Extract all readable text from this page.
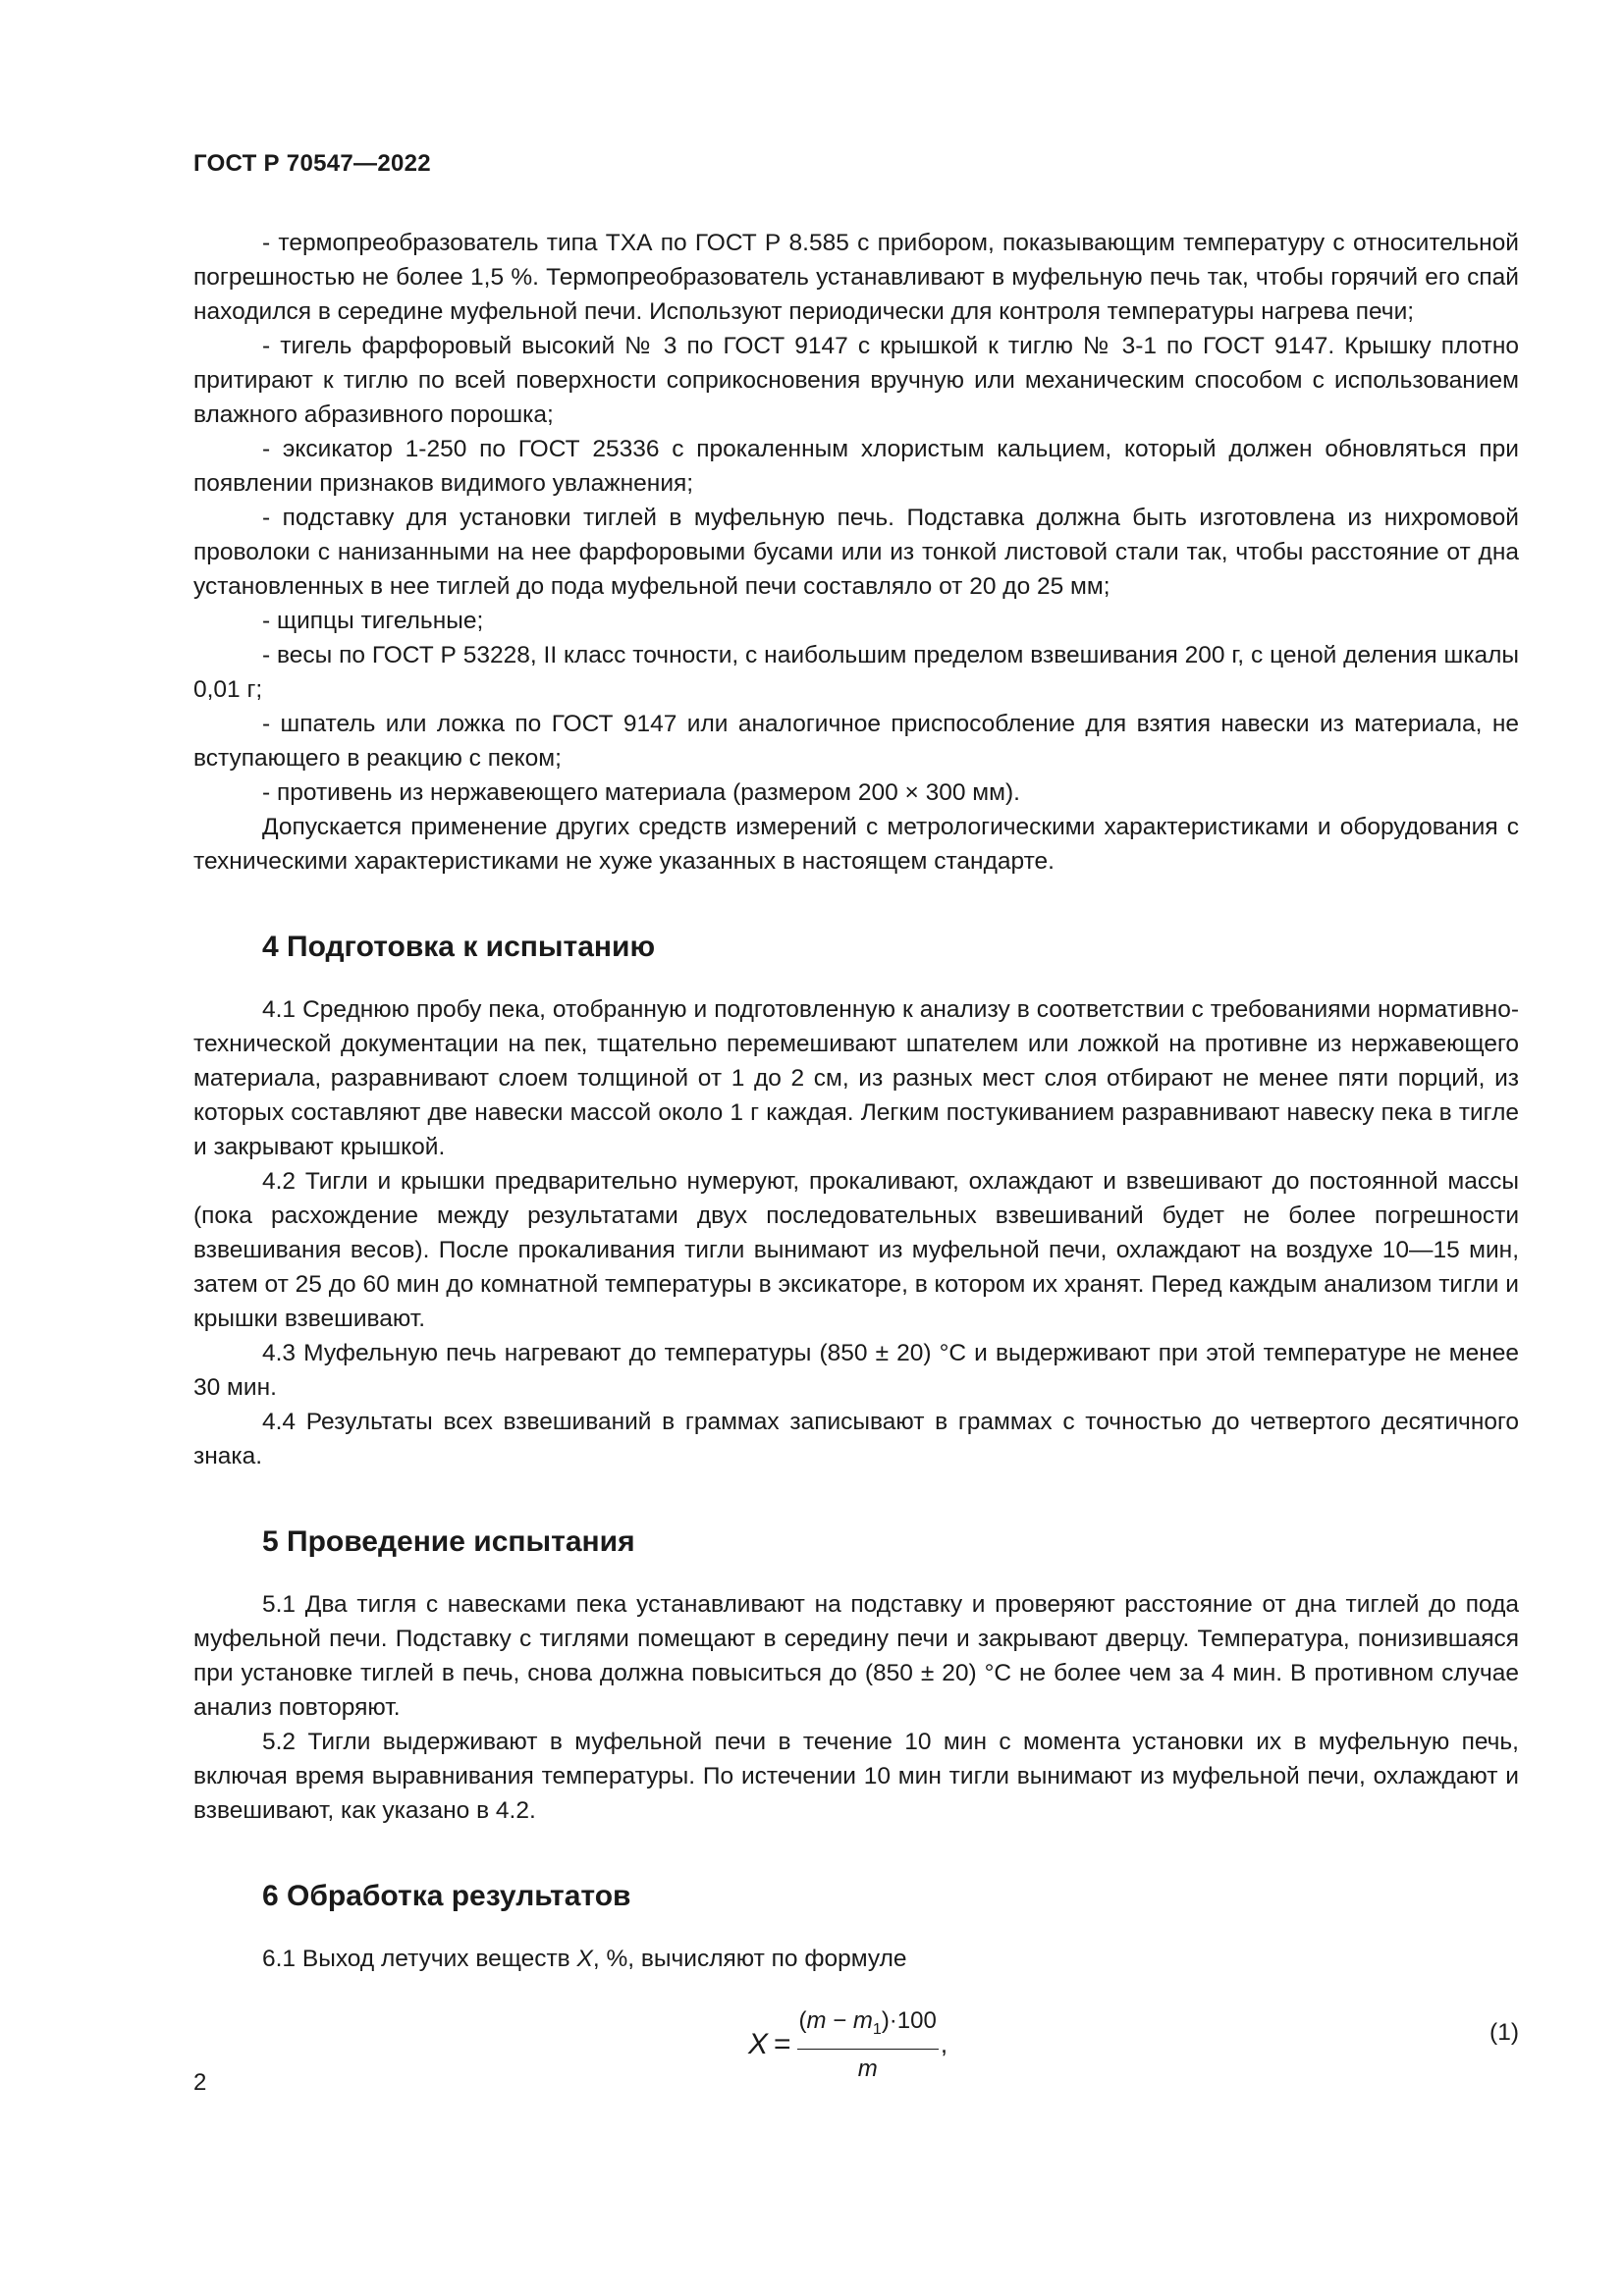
ГОСТ Р 70547—2022

- термопреобразователь типа ТХА по ГОСТ Р 8.585 с прибором, показывающим температуру с относительной погрешностью не более 1,5 %. Термопреобразователь устанавливают в муфельную печь так, чтобы горячий его спай находился в середине муфельной печи. Используют периодически для контроля температуры нагрева печи;

- тигель фарфоровый высокий № 3 по ГОСТ 9147 с крышкой к тиглю № 3-1 по ГОСТ 9147. Крышку плотно притирают к тиглю по всей поверхности соприкосновения вручную или механическим способом с использованием влажного абразивного порошка;

- эксикатор 1-250 по ГОСТ 25336 с прокаленным хлористым кальцием, который должен обновляться при появлении признаков видимого увлажнения;

- подставку для установки тиглей в муфельную печь. Подставка должна быть изготовлена из нихромовой проволоки с нанизанными на нее фарфоровыми бусами или из тонкой листовой стали так, чтобы расстояние от дна установленных в нее тиглей до пода муфельной печи составляло от 20 до 25 мм;

- щипцы тигельные;

- весы по ГОСТ Р 53228, II класс точности, с наибольшим пределом взвешивания 200 г, с ценой деления шкалы 0,01 г;

- шпатель или ложка по ГОСТ 9147 или аналогичное приспособление для взятия навески из материала, не вступающего в реакцию с пеком;

- противень из нержавеющего материала (размером 200 × 300 мм).

Допускается применение других средств измерений с метрологическими характеристиками и оборудования с техническими характеристиками не хуже указанных в настоящем стандарте.

4 Подготовка к испытанию

4.1 Среднюю пробу пека, отобранную и подготовленную к анализу в соответствии с требованиями нормативно-технической документации на пек, тщательно перемешивают шпателем или ложкой на противне из нержавеющего материала, разравнивают слоем толщиной от 1 до 2 см, из разных мест слоя отбирают не менее пяти порций, из которых составляют две навески массой около 1 г каждая. Легким постукиванием разравнивают навеску пека в тигле и закрывают крышкой.

4.2 Тигли и крышки предварительно нумеруют, прокаливают, охлаждают и взвешивают до постоянной массы (пока расхождение между результатами двух последовательных взвешиваний будет не более погрешности взвешивания весов). После прокаливания тигли вынимают из муфельной печи, охлаждают на воздухе 10—15 мин, затем от 25 до 60 мин до комнатной температуры в эксикаторе, в котором их хранят. Перед каждым анализом тигли и крышки взвешивают.

4.3 Муфельную печь нагревают до температуры (850 ± 20) °C и выдерживают при этой температуре не менее 30 мин.

4.4 Результаты всех взвешиваний в граммах записывают в граммах с точностью до четвертого десятичного знака.

5 Проведение испытания

5.1 Два тигля с навесками пека устанавливают на подставку и проверяют расстояние от дна тиглей до пода муфельной печи. Подставку с тиглями помещают в середину печи и закрывают дверцу. Температура, понизившаяся при установке тиглей в печь, снова должна повыситься до (850 ± 20) °C не более чем за 4 мин. В противном случае анализ повторяют.

5.2 Тигли выдерживают в муфельной печи в течение 10 мин с момента установки их в муфельную печь, включая время выравнивания температуры. По истечении 10 мин тигли вынимают из муфельной печи, охлаждают и взвешивают, как указано в 4.2.

6 Обработка результатов

6.1 Выход летучих веществ X, %, вычисляют по формуле

$X = \frac{(m - m_1)\cdot 100}{m}$ ,	(1)
2
